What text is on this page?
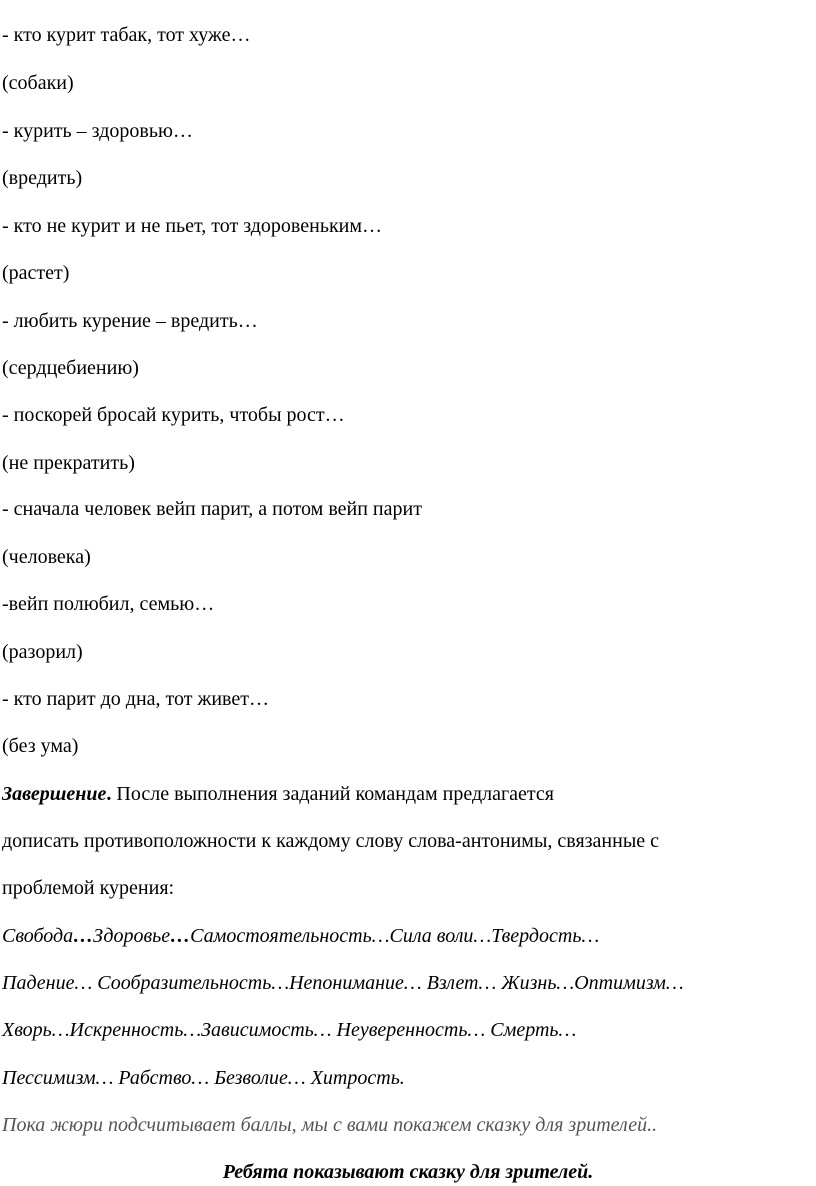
- кто курит табак, тот хуже…
(собаки)
- курить – здоровью…
(вредить)
- кто не курит и не пьет, тот здоровеньким…
(растет)
- любить курение – вредить…
(сердцебиению)
- поскорей бросай курить, чтобы рост…
(не прекратить)
- сначала человек вейп парит, а потом вейп парит
(человека)
-вейп полюбил, семью…
(разорил)
- кто парит до дна, тот живет…
(без ума)
Завершение. После выполнения заданий командам предлагается
дописать противоположности к каждому слову слова-антонимы, связанные с
проблемой курения:
Свобода…Здоровье…Самостоятельность…Сила воли…Твердость…
Падение… Сообразительность…Непонимание… Взлет… Жизнь…Оптимизм…
Хворь…Искренность…Зависимость… Неуверенность… Смерть…
Пессимизм… Рабство… Безволие… Хитрость.
Пока жюри подсчитывает баллы, мы с вами покажем сказку для зрителей..
Ребята показывают сказку для зрителей.
